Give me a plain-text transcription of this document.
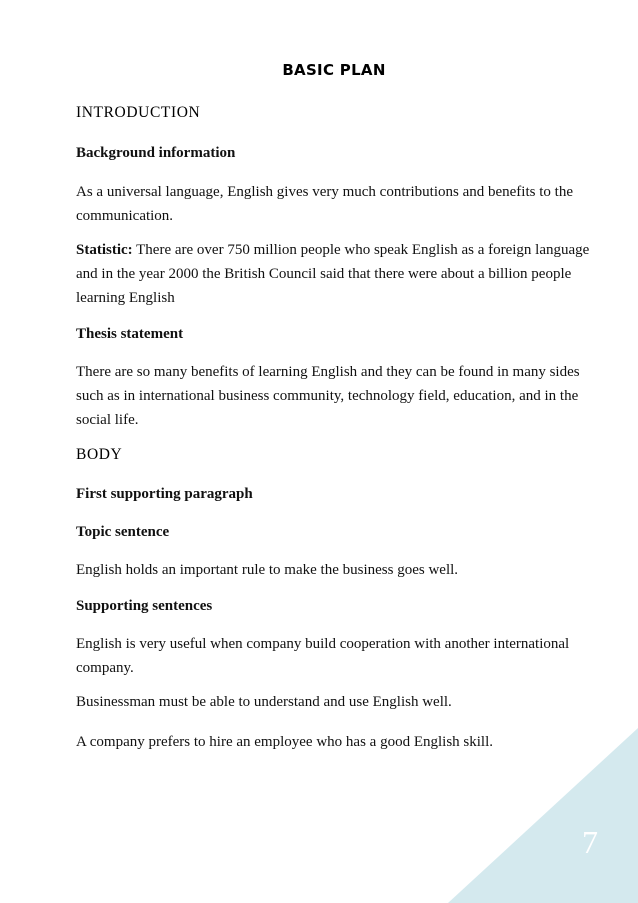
BASIC PLAN
INTRODUCTION
Background information
As a universal language, English gives very much contributions and benefits to the communication.
Statistic: There are over 750 million people who speak English as a foreign language and in the year 2000 the British Council said that there were about a billion people learning English
Thesis statement
There are so many benefits of learning English and they can be found in many sides such as in international business community, technology field, education, and in the social life.
BODY
First supporting paragraph
Topic sentence
English holds an important rule to make the business goes well.
Supporting sentences
English is very useful when company build cooperation with another international company.
Businessman must be able to understand and use English well.
A company prefers to hire an employee who has a good English skill.
7
